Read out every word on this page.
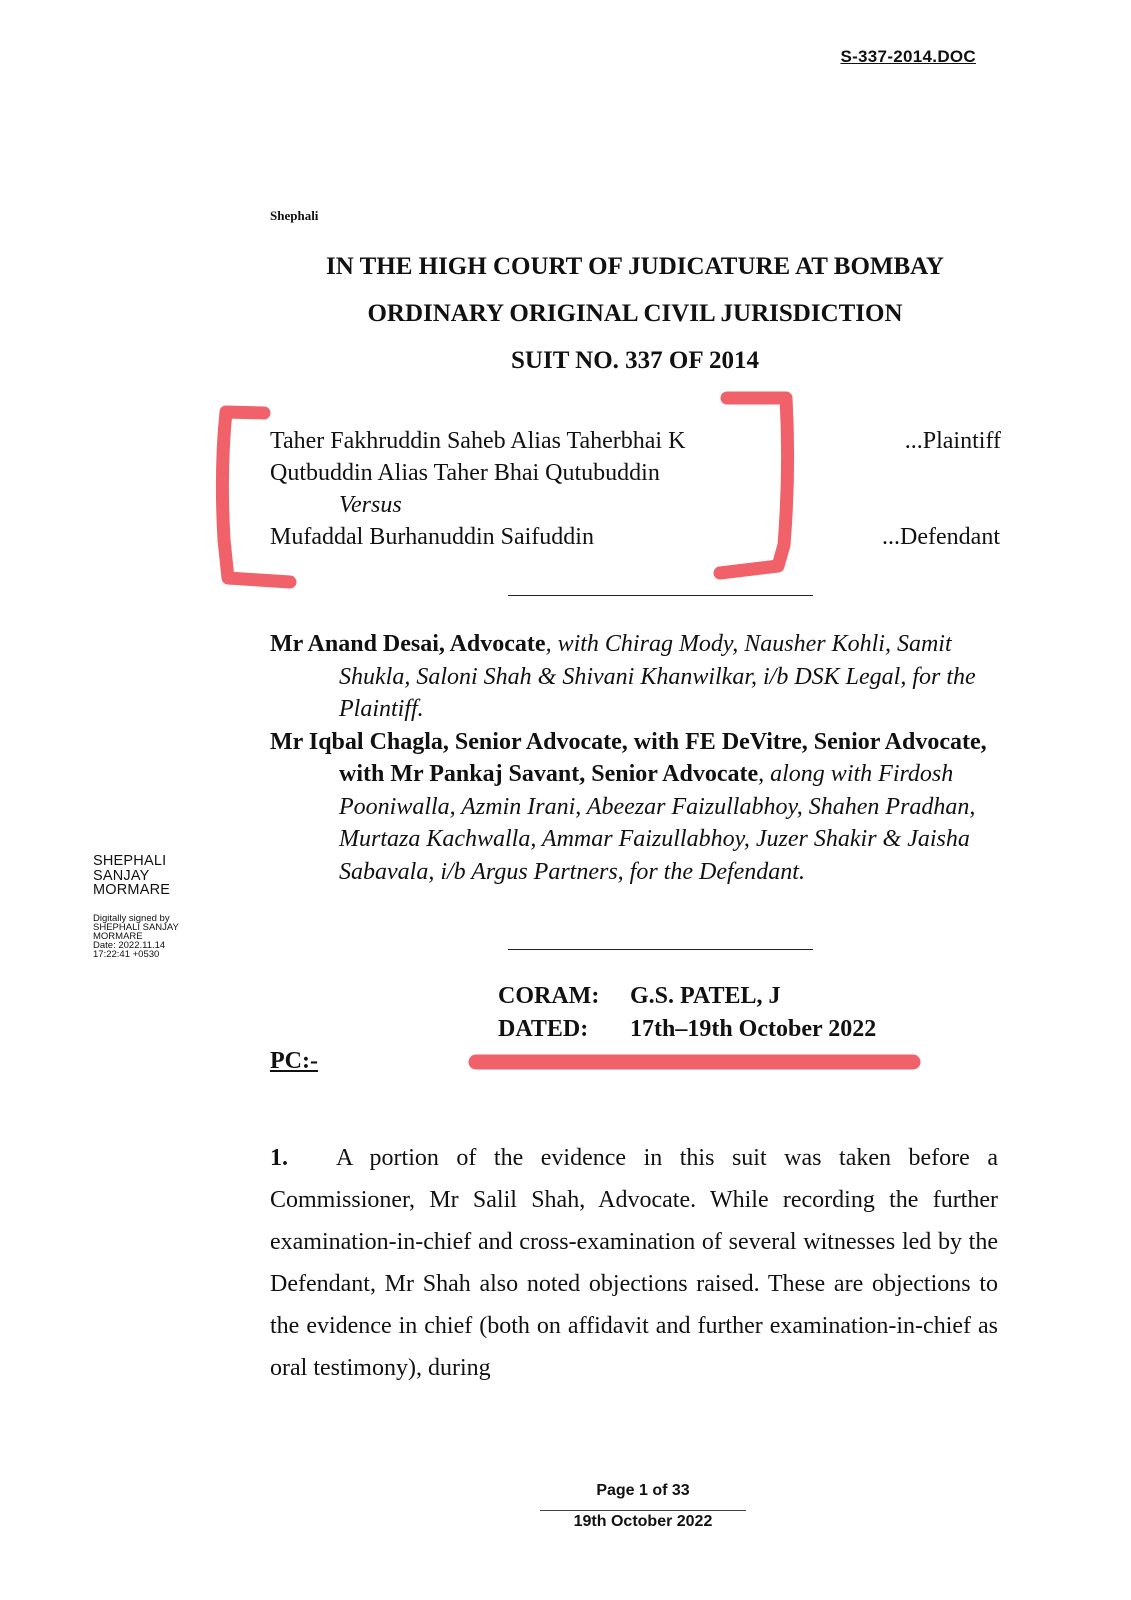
S-337-2014.DOC
Shephali
IN THE HIGH COURT OF JUDICATURE AT BOMBAY
ORDINARY ORIGINAL CIVIL JURISDICTION
SUIT NO. 337 OF 2014
Taher Fakhruddin Saheb Alias Taherbhai K
Qutbuddin Alias Taher Bhai Qutubuddin
Versus
Mufaddal Burhanuddin Saifuddin
...Plaintiff
...Defendant

Mr Anand Desai, Advocate, with Chirag Mody, Nausher Kohli, Samit Shukla, Saloni Shah & Shivani Khanwilkar, i/b DSK Legal, for the Plaintiff.

Mr Iqbal Chagla, Senior Advocate, with FE DeVitre, Senior Advocate, with Mr Pankaj Savant, Senior Advocate, along with Firdosh Pooniwalla, Azmin Irani, Abeezar Faizullabhoy, Shahen Pradhan, Murtaza Kachwalla, Ammar Faizullabhoy, Juzer Shakir & Jaisha Sabavala, i/b Argus Partners, for the Defendant.

CORAM:	G.S. PATEL, J
DATED:	17th–19th October 2022
PC:-
1. A portion of the evidence in this suit was taken before a Commissioner, Mr Salil Shah, Advocate. While recording the further examination-in-chief and cross-examination of several witnesses led by the Defendant, Mr Shah also noted objections raised. These are objections to the evidence in chief (both on affidavit and further examination-in-chief as oral testimony), during
SHEPHALI
SANJAY
MORMARE
Digitally signed by
SHEPHALI SANJAY
MORMARE
Date: 2022.11.14
17:22:41 +0530
Page 1 of 33
19th October 2022
